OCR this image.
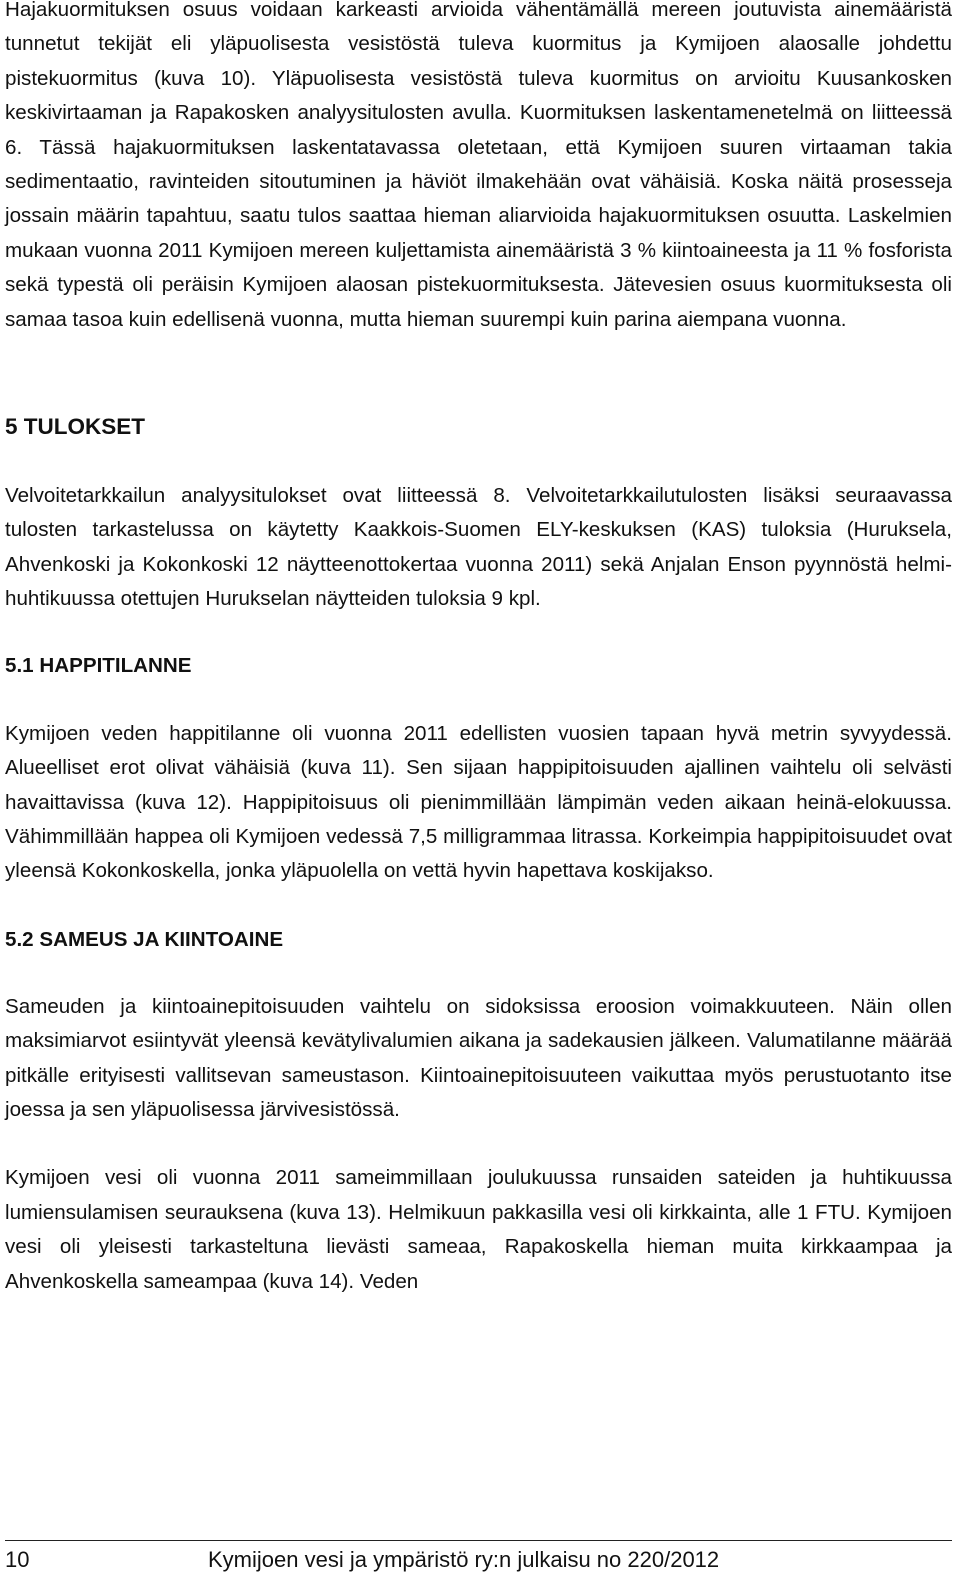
Hajakuormituksen osuus voidaan karkeasti arvioida vähentämällä mereen joutuvista ainemääristä tunnetut tekijät eli yläpuolisesta vesistöstä tuleva kuormitus ja Kymijoen alaosalle johdettu pistekuormitus (kuva 10). Yläpuolisesta vesistöstä tuleva kuormitus on arvioitu Kuusankosken keskivirtaaman ja Rapakosken analyysitulosten avulla. Kuormituksen laskentamenetelmä on liitteessä 6. Tässä hajakuormituksen laskentatavassa oletetaan, että Kymijoen suuren virtaaman takia sedimentaatio, ravinteiden sitoutuminen ja häviöt ilmakehään ovat vähäisiä. Koska näitä prosesseja jossain määrin tapahtuu, saatu tulos saattaa hieman aliarvioida hajakuormituksen osuutta. Laskelmien mukaan vuonna 2011 Kymijoen mereen kuljettamista ainemääristä 3 % kiintoaineesta ja 11 % fosforista sekä typestä oli peräisin Kymijoen alaosan pistekuormituksesta. Jätevesien osuus kuormituksesta oli samaa tasoa kuin edellisenä vuonna, mutta hieman suurempi kuin parina aiempana vuonna.

5 TULOKSET

Velvoitetarkkailun analyysitulokset ovat liitteessä 8. Velvoitetarkkailutulosten lisäksi seuraavassa tulosten tarkastelussa on käytetty Kaakkois-Suomen ELY-keskuksen (KAS) tuloksia (Huruksela, Ahvenkoski ja Kokonkoski 12 näytteenottokertaa vuonna 2011) sekä Anjalan Enson pyynnöstä helmi-huhtikuussa otettujen Hurukselan näytteiden tuloksia 9 kpl.

5.1 HAPPITILANNE

Kymijoen veden happitilanne oli vuonna 2011 edellisten vuosien tapaan hyvä metrin syvyydessä. Alueelliset erot olivat vähäisiä (kuva 11). Sen sijaan happipitoisuuden ajallinen vaihtelu oli selvästi havaittavissa (kuva 12). Happipitoisuus oli pienimmillään lämpimän veden aikaan heinä-elokuussa. Vähimmillään happea oli Kymijoen vedessä 7,5 milligrammaa litrassa. Korkeimpia happipitoisuudet ovat yleensä Kokonkoskella, jonka yläpuolella on vettä hyvin hapettava koskijakso.

5.2 SAMEUS JA KIINTOAINE

Sameuden ja kiintoainepitoisuuden vaihtelu on sidoksissa eroosion voimakkuuteen. Näin ollen maksimiarvot esiintyvät yleensä kevätylivalumien aikana ja sadekausien jälkeen. Valumatilanne määrää pitkälle erityisesti vallitsevan sameustason. Kiintoainepitoisuuteen vaikuttaa myös perustuotanto itse joessa ja sen yläpuolisessa järvivesistössä.

Kymijoen vesi oli vuonna 2011 sameimmillaan joulukuussa runsaiden sateiden ja huhtikuussa lumiensulamisen seurauksena (kuva 13). Helmikuun pakkasilla vesi oli kirkkainta, alle 1 FTU. Kymijoen vesi oli yleisesti tarkasteltuna lievästi sameaa, Rapakoskella hieman muita kirkkaampaa ja Ahvenkoskella sameampaa (kuva 14). Veden

10	Kymijoen vesi ja ympäristö ry:n julkaisu no 220/2012
